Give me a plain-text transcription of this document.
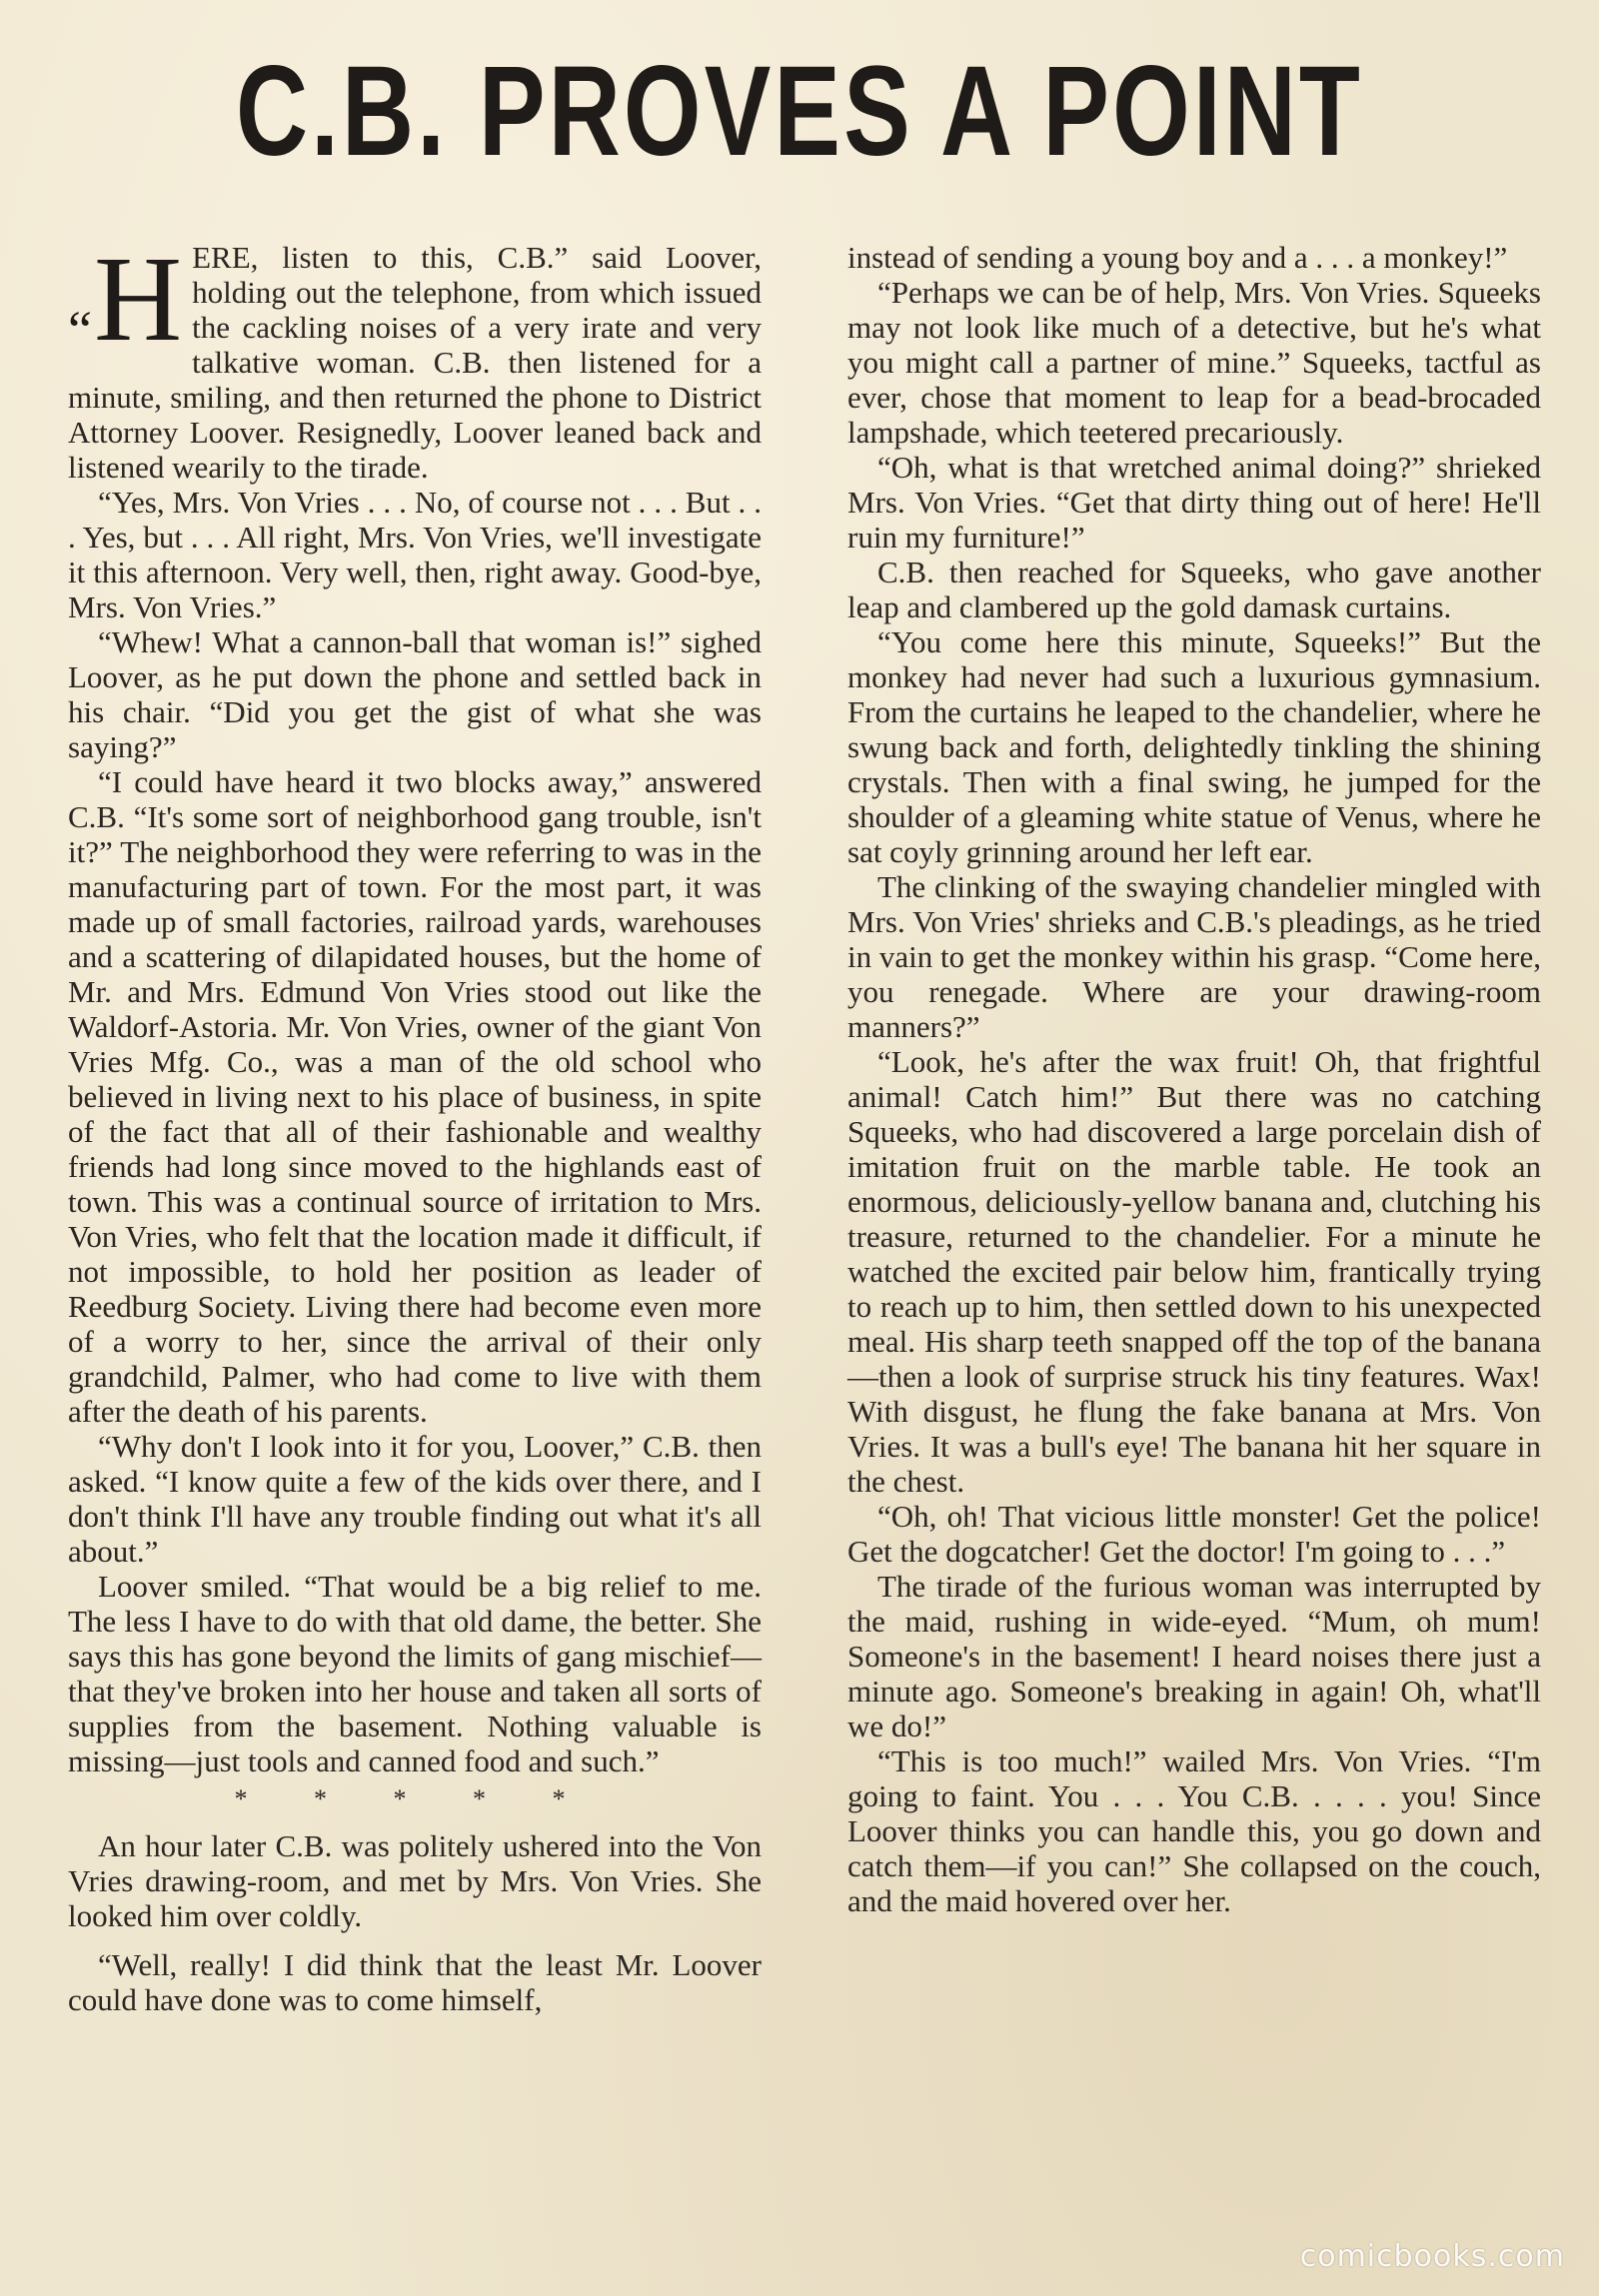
C.B. PROVES A POINT

“H ERE, listen to this, C.B.” said Loover, holding out the telephone, from which issued the cackling noises of a very irate and very talkative woman. C.B. then listened for a minute, smiling, and then returned the phone to District Attorney Loover. Resignedly, Loover leaned back and listened wearily to the tirade.

“Yes, Mrs. Von Vries . . . No, of course not . . . But . . . Yes, but . . . All right, Mrs. Von Vries, we'll investigate it this afternoon. Very well, then, right away. Good-bye, Mrs. Von Vries.”

“Whew! What a cannon-ball that woman is!” sighed Loover, as he put down the phone and settled back in his chair. “Did you get the gist of what she was saying?”

“I could have heard it two blocks away,” answered C.B. “It's some sort of neighborhood gang trouble, isn't it?” The neighborhood they were referring to was in the manufacturing part of town. For the most part, it was made up of small factories, railroad yards, warehouses and a scattering of dilapidated houses, but the home of Mr. and Mrs. Edmund Von Vries stood out like the Waldorf-Astoria. Mr. Von Vries, owner of the giant Von Vries Mfg. Co., was a man of the old school who believed in living next to his place of business, in spite of the fact that all of their fashionable and wealthy friends had long since moved to the highlands east of town. This was a continual source of irritation to Mrs. Von Vries, who felt that the location made it difficult, if not impossible, to hold her position as leader of Reedburg Society. Living there had become even more of a worry to her, since the arrival of their only grandchild, Palmer, who had come to live with them after the death of his parents.

“Why don't I look into it for you, Loover,” C.B. then asked. “I know quite a few of the kids over there, and I don't think I'll have any trouble finding out what it's all about.”

Loover smiled. “That would be a big relief to me. The less I have to do with that old dame, the better. She says this has gone beyond the limits of gang mischief—that they've broken into her house and taken all sorts of supplies from the basement. Nothing valuable is missing—just tools and canned food and such.”

* * * * *

An hour later C.B. was politely ushered into the Von Vries drawing-room, and met by Mrs. Von Vries. She looked him over coldly.

“Well, really! I did think that the least Mr. Loover could have done was to come himself,

instead of sending a young boy and a . . . a monkey!”

“Perhaps we can be of help, Mrs. Von Vries. Squeeks may not look like much of a detective, but he's what you might call a partner of mine.” Squeeks, tactful as ever, chose that moment to leap for a bead-brocaded lampshade, which teetered precariously.

“Oh, what is that wretched animal doing?” shrieked Mrs. Von Vries. “Get that dirty thing out of here! He'll ruin my furniture!”

C.B. then reached for Squeeks, who gave another leap and clambered up the gold damask curtains.

“You come here this minute, Squeeks!” But the monkey had never had such a luxurious gymnasium. From the curtains he leaped to the chandelier, where he swung back and forth, delightedly tinkling the shining crystals. Then with a final swing, he jumped for the shoulder of a gleaming white statue of Venus, where he sat coyly grinning around her left ear.

The clinking of the swaying chandelier mingled with Mrs. Von Vries' shrieks and C.B.'s pleadings, as he tried in vain to get the monkey within his grasp. “Come here, you renegade. Where are your drawing-room manners?”

“Look, he's after the wax fruit! Oh, that frightful animal! Catch him!” But there was no catching Squeeks, who had discovered a large porcelain dish of imitation fruit on the marble table. He took an enormous, deliciously-yellow banana and, clutching his treasure, returned to the chandelier. For a minute he watched the excited pair below him, frantically trying to reach up to him, then settled down to his unexpected meal. His sharp teeth snapped off the top of the banana—then a look of surprise struck his tiny features. Wax! With disgust, he flung the fake banana at Mrs. Von Vries. It was a bull's eye! The banana hit her square in the chest.

“Oh, oh! That vicious little monster! Get the police! Get the dogcatcher! Get the doctor! I'm going to . . .”

The tirade of the furious woman was interrupted by the maid, rushing in wide-eyed. “Mum, oh mum! Someone's in the basement! I heard noises there just a minute ago. Someone's breaking in again! Oh, what'll we do!”

“This is too much!” wailed Mrs. Von Vries. “I'm going to faint. You . . . You C.B. . . . . you! Since Loover thinks you can handle this, you go down and catch them—if you can!” She collapsed on the couch, and the maid hovered over her.

comicbooks.com
